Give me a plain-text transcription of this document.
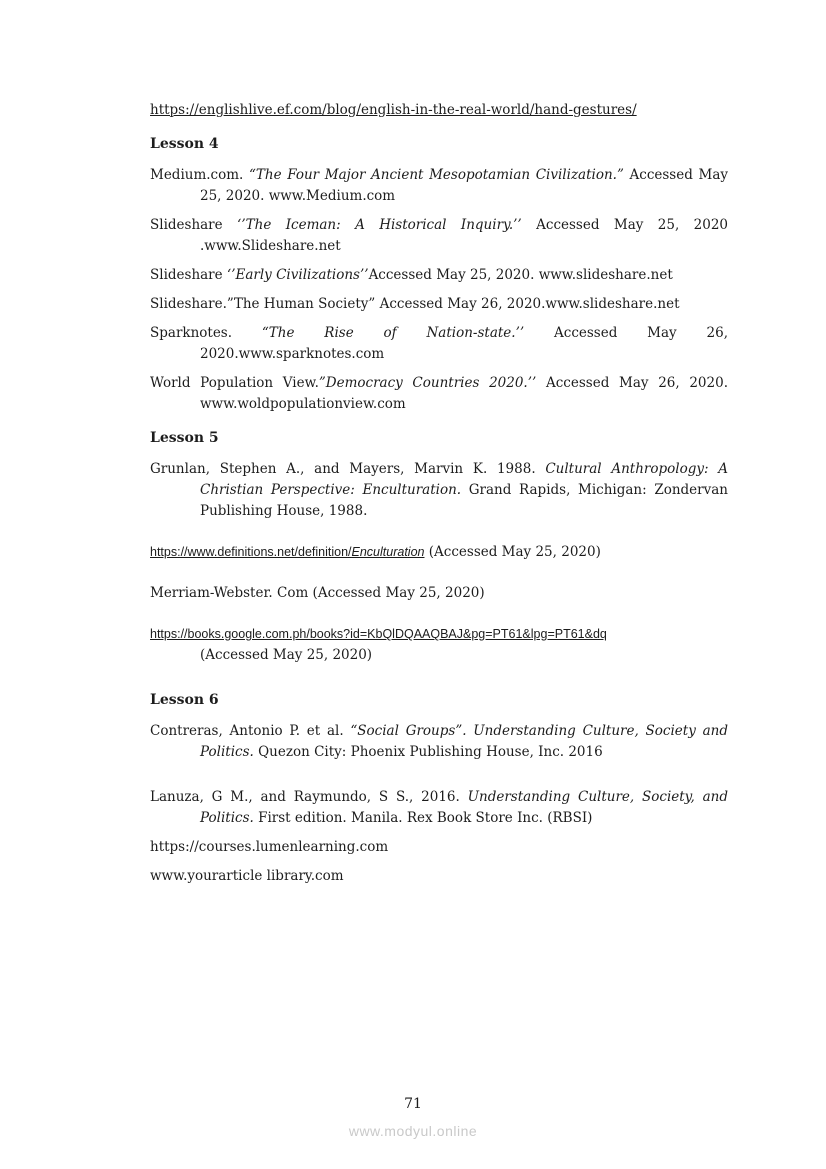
https://englishlive.ef.com/blog/english-in-the-real-world/hand-gestures/

Lesson 4

Medium.com. “The Four Major Ancient Mesopotamian Civilization.” Accessed May 25, 2020. www.Medium.com

Slideshare ‘’The Iceman: A Historical Inquiry.’’ Accessed May 25, 2020 .www.Slideshare.net

Slideshare ‘’Early Civilizations’’Accessed May 25, 2020. www.slideshare.net

Slideshare.”The Human Society” Accessed May 26, 2020.www.slideshare.net

Sparknotes. “The Rise of Nation-state.’’ Accessed May 26, 2020.www.sparknotes.com

World Population View.”Democracy Countries 2020.’’ Accessed May 26, 2020. www.woldpopulationview.com

Lesson 5

Grunlan, Stephen A., and Mayers, Marvin K. 1988. Cultural Anthropology: A Christian Perspective: Enculturation. Grand Rapids, Michigan: Zondervan Publishing House, 1988.

https://www.definitions.net/definition/Enculturation (Accessed May 25, 2020)

Merriam-Webster. Com (Accessed May 25, 2020)

https://books.google.com.ph/books?id=KbQlDQAAQBAJ&pg=PT61&lpg=PT61&dq
(Accessed May 25, 2020)

Lesson 6

Contreras, Antonio P. et al. “Social Groups”. Understanding Culture, Society and Politics. Quezon City: Phoenix Publishing House, Inc. 2016

Lanuza, G M., and Raymundo, S S., 2016. Understanding Culture, Society, and Politics. First edition. Manila. Rex Book Store Inc. (RBSI)

https://courses.lumenlearning.com

www.yourarticle library.com

71
www.modyul.online
